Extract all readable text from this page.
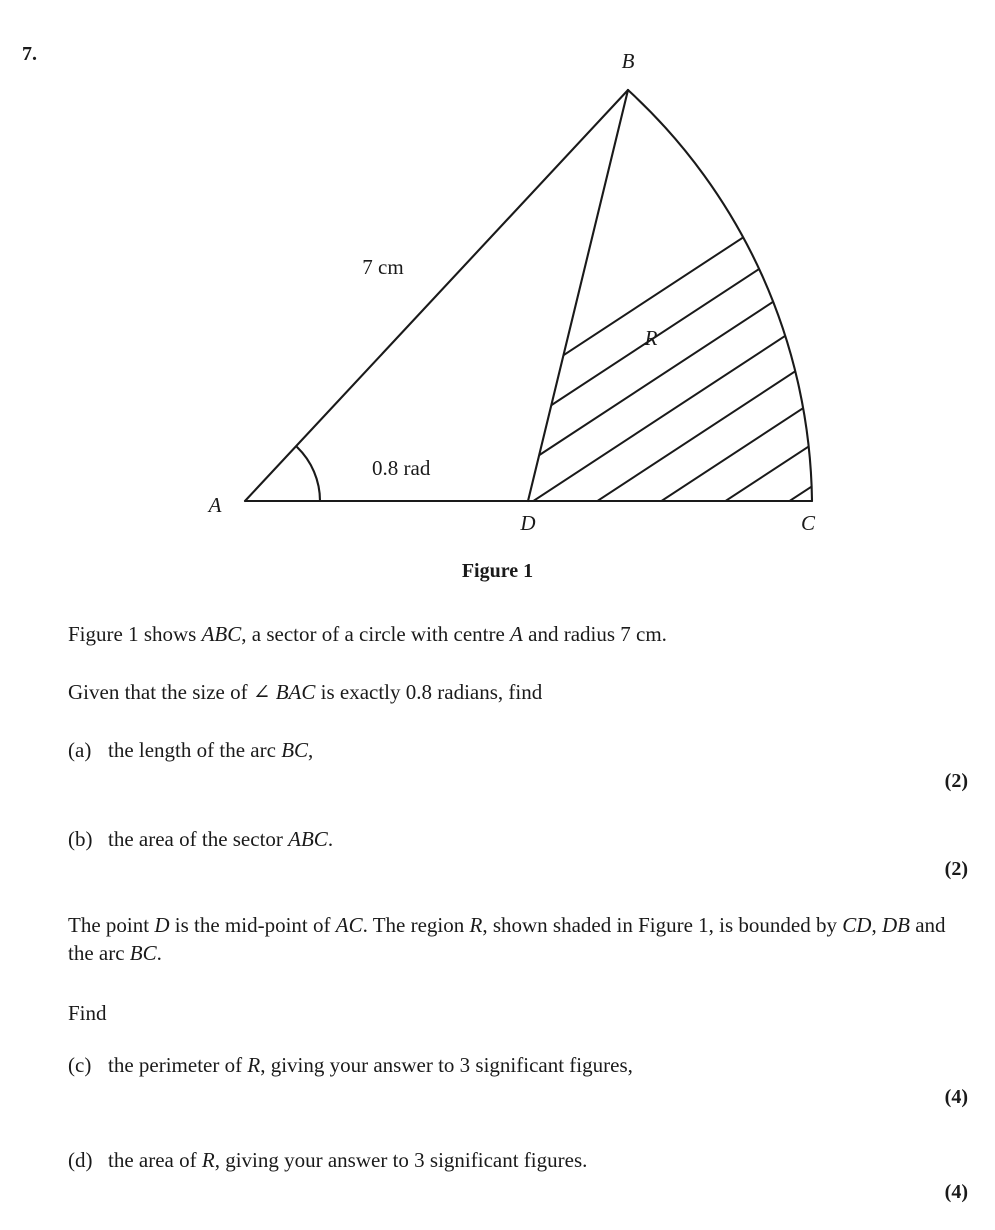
7.
A
B
C
D
R
7 cm
0.8 rad
Figure 1
Figure 1 shows ABC, a sector of a circle with centre A and radius 7 cm.
Given that the size of ∠ BAC is exactly 0.8 radians, find
(a) the length of the arc BC,
(2)
(b) the area of the sector ABC.
(2)
The point D is the mid-point of AC. The region R, shown shaded in Figure 1, is bounded by CD, DB and the arc BC.
Find
(c) the perimeter of R, giving your answer to 3 significant figures,
(4)
(d) the area of R, giving your answer to 3 significant figures.
(4)
